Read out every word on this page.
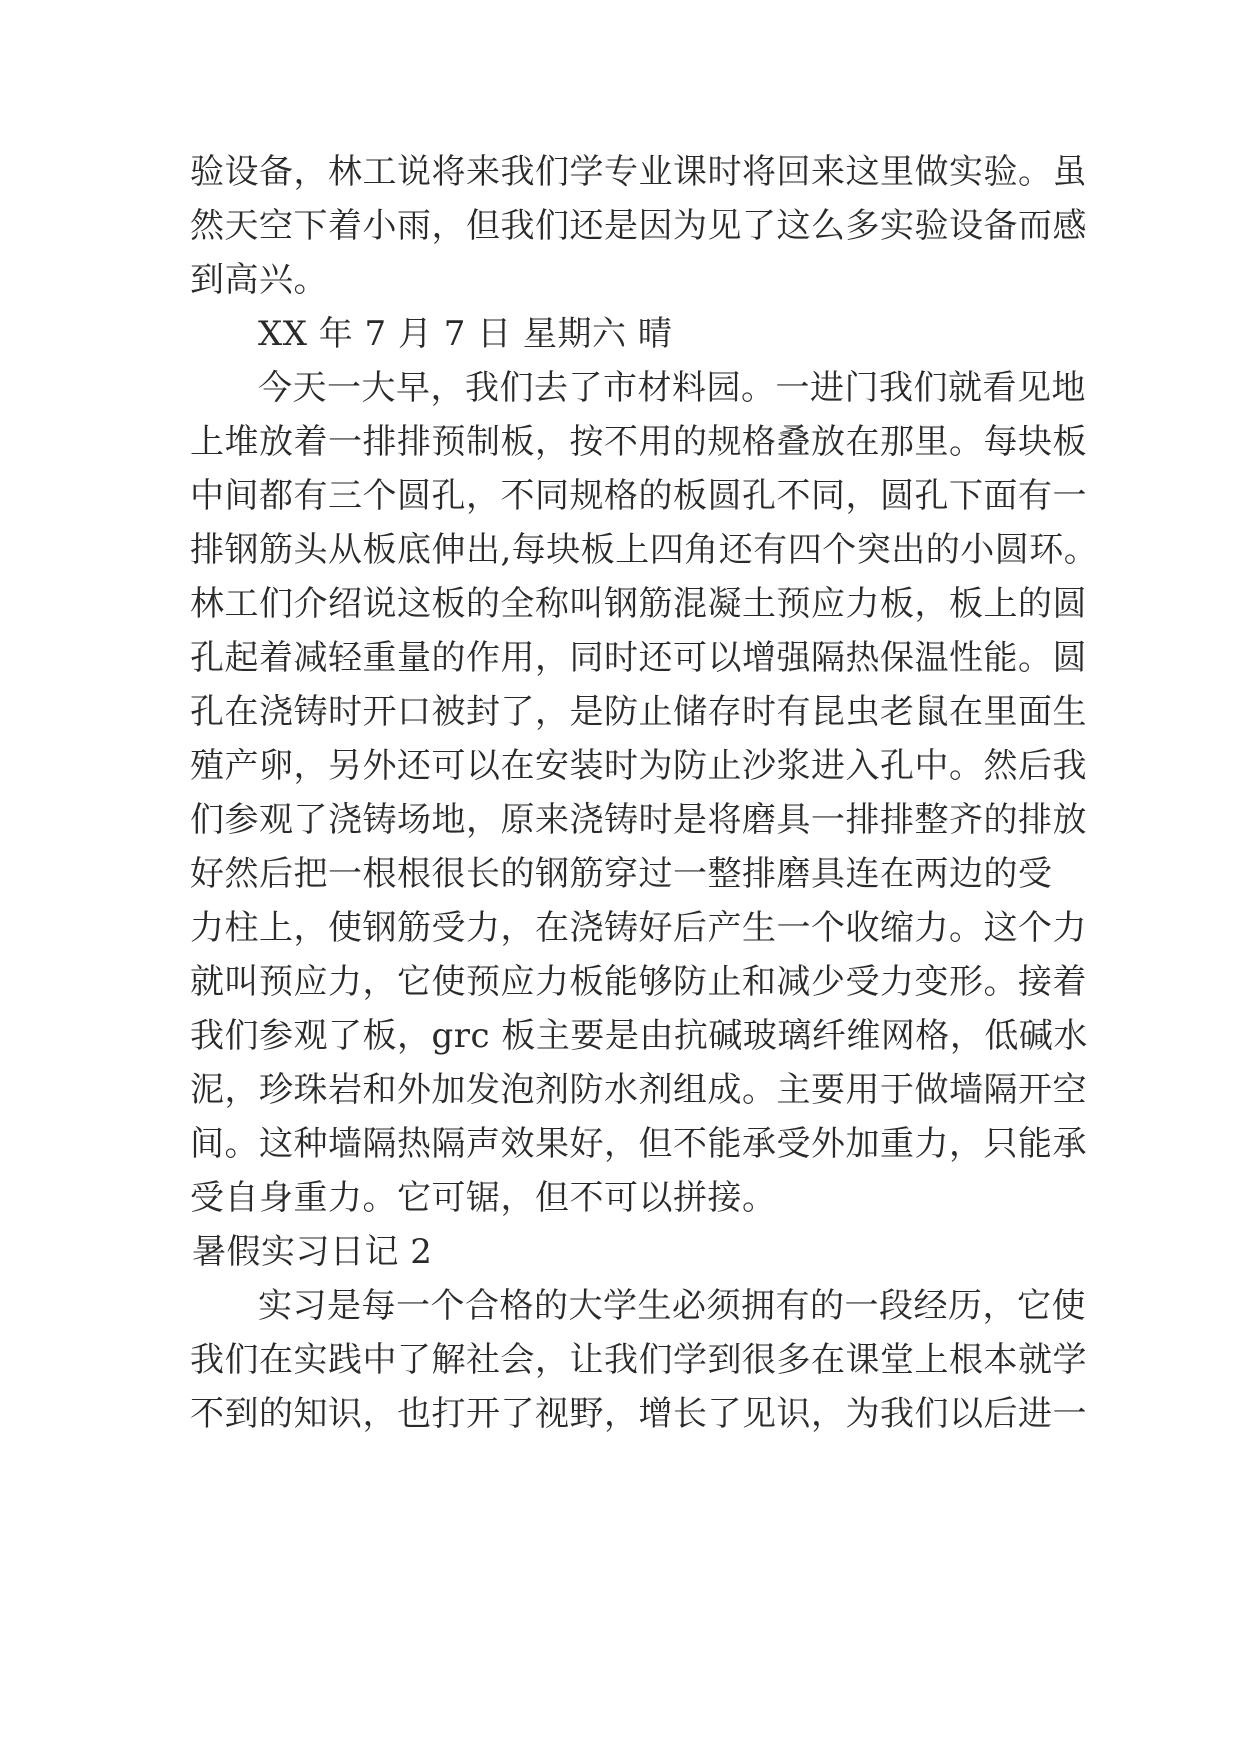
验设备，林工说将来我们学专业课时将回来这里做实验。虽
然天空下着小雨，但我们还是因为见了这么多实验设备而感
到高兴。
XX 年 7 月 7 日 星期六 晴
今天一大早，我们去了市材料园。一进门我们就看见地
上堆放着一排排预制板，按不用的规格叠放在那里。每块板
中间都有三个圆孔，不同规格的板圆孔不同，圆孔下面有一
排钢筋头从板底伸出,每块板上四角还有四个突出的小圆环。
林工们介绍说这板的全称叫钢筋混凝土预应力板，板上的圆
孔起着减轻重量的作用，同时还可以增强隔热保温性能。圆
孔在浇铸时开口被封了，是防止储存时有昆虫老鼠在里面生
殖产卵，另外还可以在安装时为防止沙浆进入孔中。然后我
们参观了浇铸场地，原来浇铸时是将磨具一排排整齐的排放
好然后把一根根很长的钢筋穿过一整排磨具连在两边的受
力柱上，使钢筋受力，在浇铸好后产生一个收缩力。这个力
就叫预应力，它使预应力板能够防止和减少受力变形。接着
我们参观了板，grc 板主要是由抗碱玻璃纤维网格，低碱水
泥，珍珠岩和外加发泡剂防水剂组成。主要用于做墙隔开空
间。这种墙隔热隔声效果好，但不能承受外加重力，只能承
受自身重力。它可锯，但不可以拼接。
暑假实习日记 2
实习是每一个合格的大学生必须拥有的一段经历，它使
我们在实践中了解社会，让我们学到很多在课堂上根本就学
不到的知识，也打开了视野，增长了见识，为我们以后进一
